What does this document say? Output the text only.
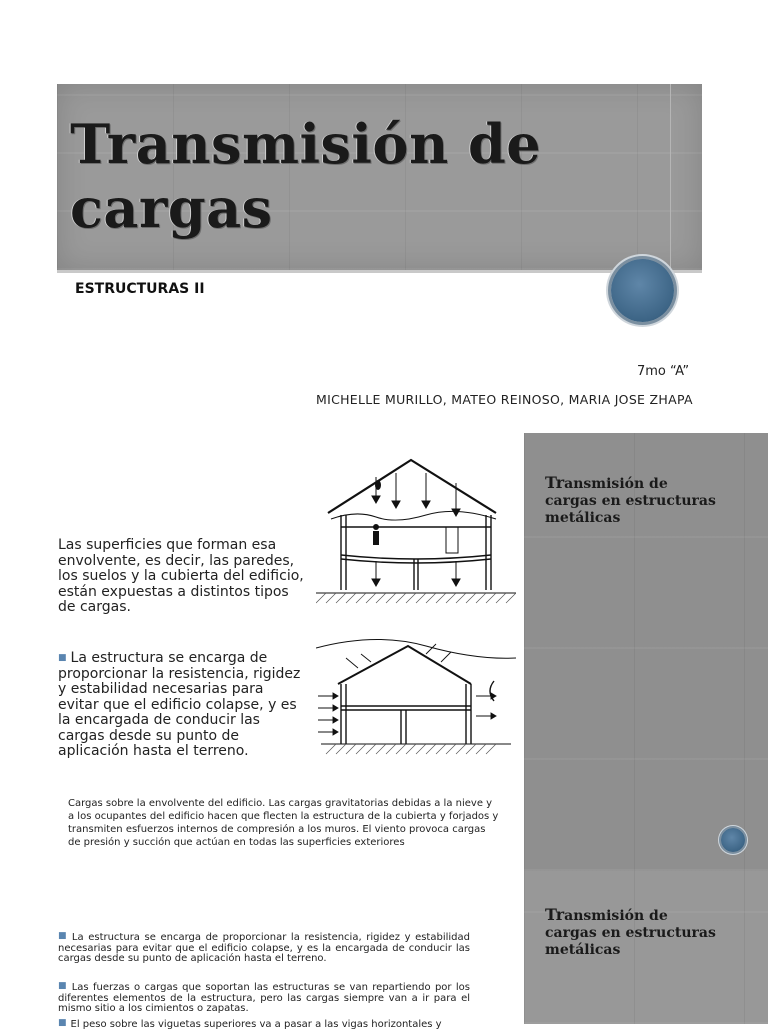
Transmisión de
cargas
ESTRUCTURAS II
7mo “A”
MICHELLE MURILLO, MATEO REINOSO, MARIA JOSE ZHAPA
Transmisión de
cargas en estructuras
metálicas
Las superficies que forman esa envolvente, es decir, las paredes, los suelos y la cubierta del edificio, están expuestas a distintos tipos de cargas.
■ La estructura se encarga de proporcionar la resistencia, rigidez y estabilidad necesarias para evitar que el edificio colapse, y es la encargada de conducir las cargas desde su punto de aplicación hasta el terreno.
Cargas sobre la envolvente del edificio. Las cargas gravitatorias debidas a la nieve y a los ocupantes del edificio hacen que flecten la estructura de la cubierta y forjados y transmiten esfuerzos internos de compresión a los muros. El viento provoca cargas de presión y succión que actúan en todas las superficies exteriores
Transmisión de
cargas en estructuras
metálicas
■ La estructura se encarga de proporcionar la resistencia, rigidez y estabilidad necesarias para evitar que el edificio colapse, y es la encargada de conducir las cargas desde su punto de aplicación hasta el terreno.
■ Las fuerzas o cargas que soportan las estructuras se van repartiendo por los diferentes elementos de la estructura, pero las cargas siempre van a ir para el mismo sitio a los cimientos o zapatas.
■ El peso sobre las viguetas superiores va a pasar a las vigas horizontales y
